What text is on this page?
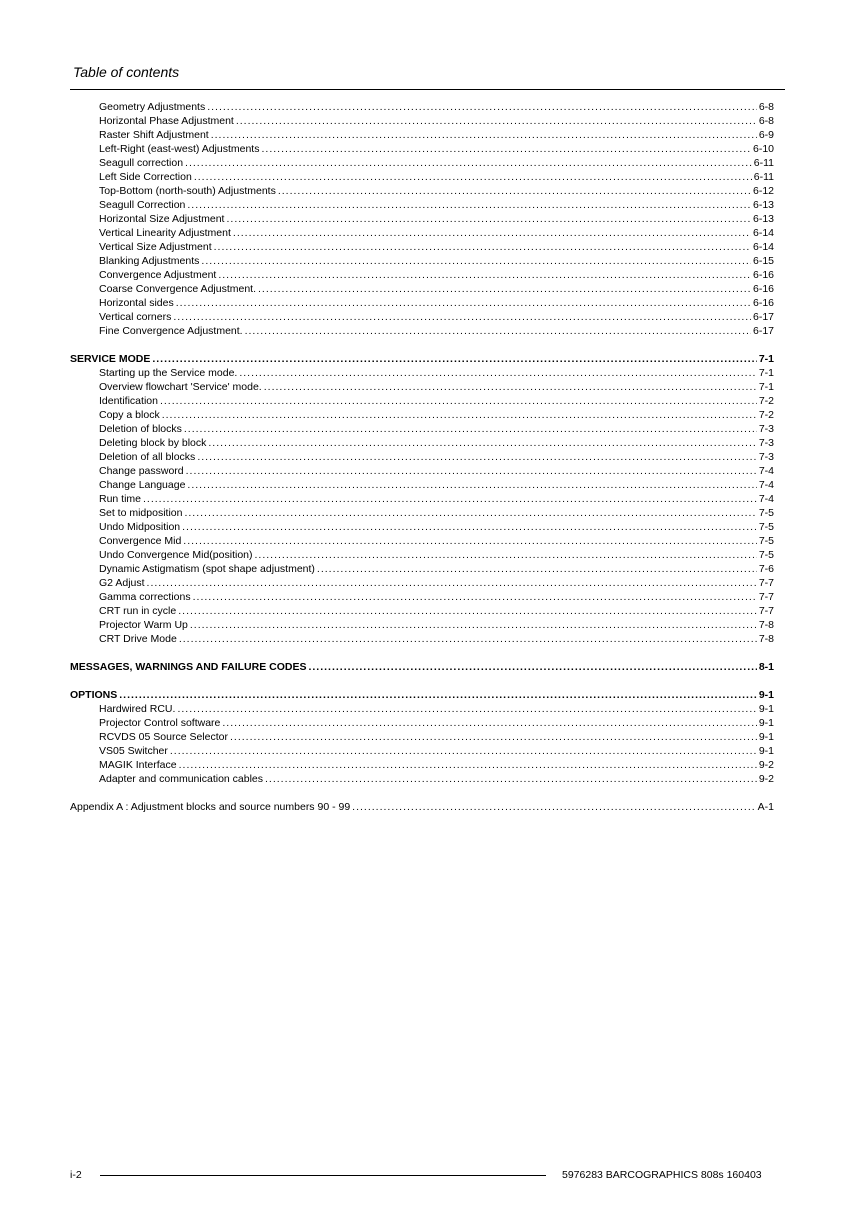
Table of contents
Geometry Adjustments .....	6-8
Horizontal Phase Adjustment .....	6-8
Raster Shift Adjustment .....	6-9
Left-Right (east-west) Adjustments .....	6-10
Seagull correction .....	6-11
Left Side Correction .....	6-11
Top-Bottom (north-south) Adjustments .....	6-12
Seagull Correction .....	6-13
Horizontal Size Adjustment .....	6-13
Vertical Linearity Adjustment .....	6-14
Vertical Size Adjustment .....	6-14
Blanking Adjustments .....	6-15
Convergence Adjustment .....	6-16
Coarse Convergence Adjustment. .....	6-16
Horizontal sides .....	6-16
Vertical corners .....	6-17
Fine Convergence Adjustment. .....	6-17
SERVICE MODE .....	7-1
Starting up the Service mode. .....	7-1
Overview flowchart 'Service' mode. .....	7-1
Identification .....	7-2
Copy a block .....	7-2
Deletion of blocks .....	7-3
Deleting block by block .....	7-3
Deletion of all blocks .....	7-3
Change password .....	7-4
Change Language .....	7-4
Run time .....	7-4
Set to midposition .....	7-5
Undo Midposition .....	7-5
Convergence Mid .....	7-5
Undo Convergence Mid(position) .....	7-5
Dynamic Astigmatism (spot shape adjustment) .....	7-6
G2 Adjust .....	7-7
Gamma corrections .....	7-7
CRT run in cycle .....	7-7
Projector Warm Up .....	7-8
CRT Drive Mode .....	7-8
MESSAGES, WARNINGS AND FAILURE CODES .....	8-1
OPTIONS .....	9-1
Hardwired RCU. .....	9-1
Projector Control software .....	9-1
RCVDS 05 Source Selector .....	9-1
VS05 Switcher .....	9-1
MAGIK Interface .....	9-2
Adapter and communication cables .....	9-2
Appendix A : Adjustment blocks and source numbers 90 - 99 .....	A-1
i-2	5976283 BARCOGRAPHICS 808s 160403
